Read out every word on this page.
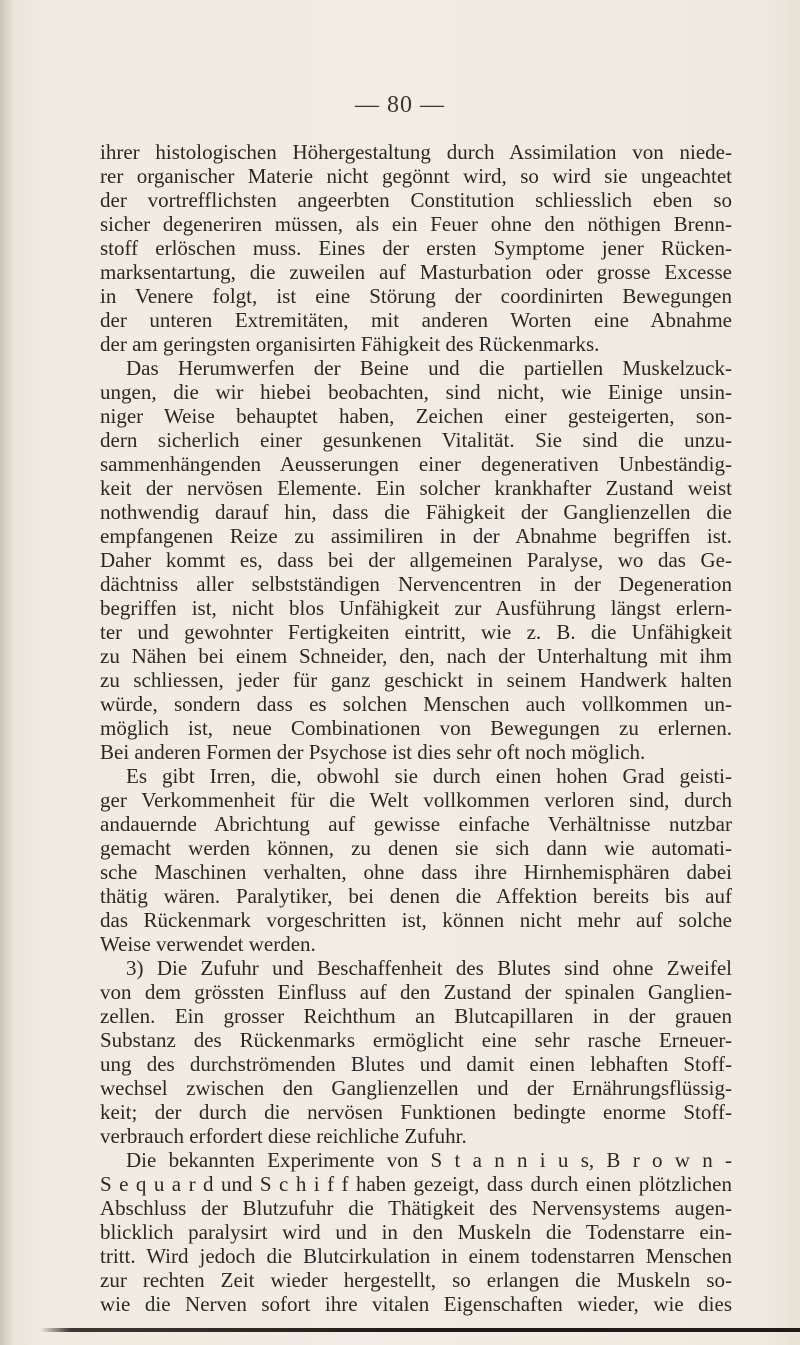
— 80 —
ihrer histologischen Höhergestaltung durch Assimilation von niede-
rer organischer Materie nicht gegönnt wird, so wird sie ungeachtet
der vortrefflichsten angeerbten Constitution schliesslich eben so
sicher degeneriren müssen, als ein Feuer ohne den nöthigen Brenn-
stoff erlöschen muss. Eines der ersten Symptome jener Rücken-
marksentartung, die zuweilen auf Masturbation oder grosse Excesse
in Venere folgt, ist eine Störung der coordinirten Bewegungen
der unteren Extremitäten, mit anderen Worten eine Abnahme
der am geringsten organisirten Fähigkeit des Rückenmarks.
Das Herumwerfen der Beine und die partiellen Muskelzuck-
ungen, die wir hiebei beobachten, sind nicht, wie Einige unsin-
niger Weise behauptet haben, Zeichen einer gesteigerten, son-
dern sicherlich einer gesunkenen Vitalität. Sie sind die unzu-
sammenhängenden Aeusserungen einer degenerativen Unbeständig-
keit der nervösen Elemente. Ein solcher krankhafter Zustand weist
nothwendig darauf hin, dass die Fähigkeit der Ganglienzellen die
empfangenen Reize zu assimiliren in der Abnahme begriffen ist.
Daher kommt es, dass bei der allgemeinen Paralyse, wo das Ge-
dächtniss aller selbstständigen Nervencentren in der Degeneration
begriffen ist, nicht blos Unfähigkeit zur Ausführung längst erlern-
ter und gewohnter Fertigkeiten eintritt, wie z. B. die Unfähigkeit
zu Nähen bei einem Schneider, den, nach der Unterhaltung mit ihm
zu schliessen, jeder für ganz geschickt in seinem Handwerk halten
würde, sondern dass es solchen Menschen auch vollkommen un-
möglich ist, neue Combinationen von Bewegungen zu erlernen.
Bei anderen Formen der Psychose ist dies sehr oft noch möglich.
Es gibt Irren, die, obwohl sie durch einen hohen Grad geisti-
ger Verkommenheit für die Welt vollkommen verloren sind, durch
andauernde Abrichtung auf gewisse einfache Verhältnisse nutzbar
gemacht werden können, zu denen sie sich dann wie automati-
sche Maschinen verhalten, ohne dass ihre Hirnhemisphären dabei
thätig wären. Paralytiker, bei denen die Affektion bereits bis auf
das Rückenmark vorgeschritten ist, können nicht mehr auf solche
Weise verwendet werden.
3) Die Zufuhr und Beschaffenheit des Blutes sind ohne Zweifel
von dem grössten Einfluss auf den Zustand der spinalen Ganglien-
zellen. Ein grosser Reichthum an Blutcapillaren in der grauen
Substanz des Rückenmarks ermöglicht eine sehr rasche Erneuer-
ung des durchströmenden Blutes und damit einen lebhaften Stoff-
wechsel zwischen den Ganglienzellen und der Ernährungsflüssig-
keit; der durch die nervösen Funktionen bedingte enorme Stoff-
verbrauch erfordert diese reichliche Zufuhr.
Die bekannten Experimente von S t a n n i u s, B r o w n -
S e q u a r d und S c h i f f haben gezeigt, dass durch einen plötzlichen
Abschluss der Blutzufuhr die Thätigkeit des Nervensystems augen-
blicklich paralysirt wird und in den Muskeln die Todenstarre ein-
tritt. Wird jedoch die Blutcirkulation in einem todenstarren Menschen
zur rechten Zeit wieder hergestellt, so erlangen die Muskeln so-
wie die Nerven sofort ihre vitalen Eigenschaften wieder, wie dies
